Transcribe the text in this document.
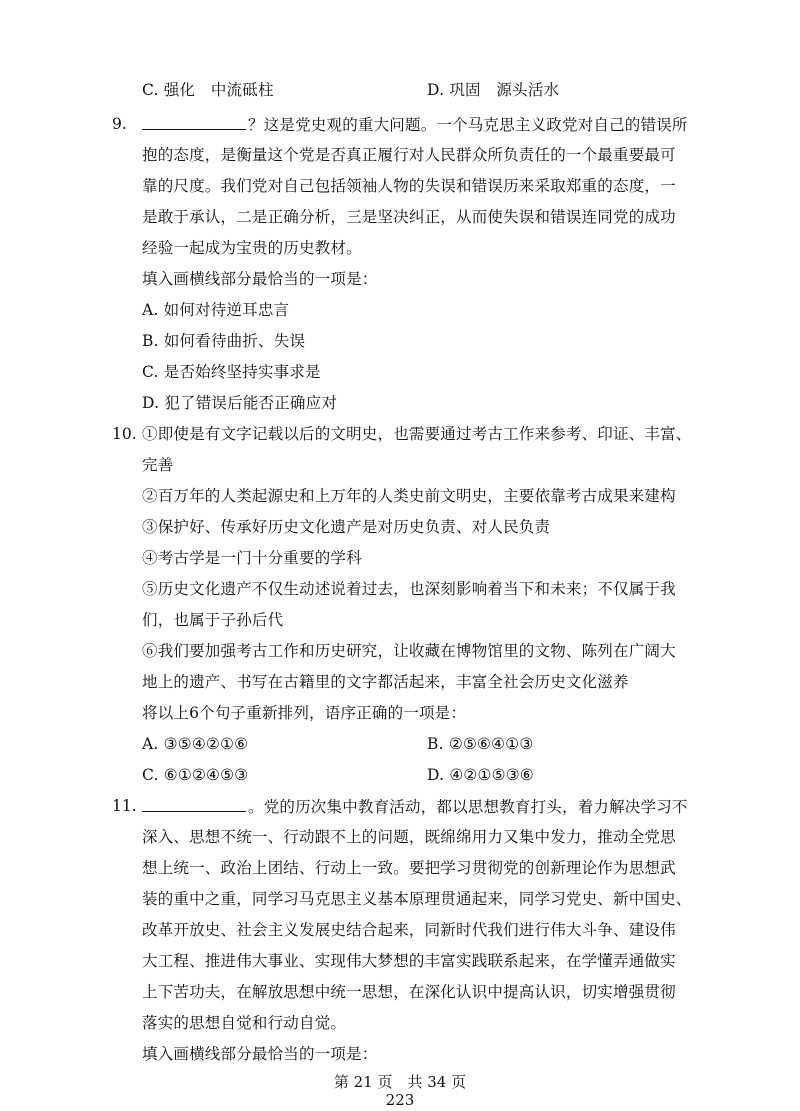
C. 强化　中流砥柱	D. 巩固　源头活水
9.	？这是党史观的重大问题。一个马克思主义政党对自己的错误所
抱的态度，是衡量这个党是否真正履行对人民群众所负责任的一个最重要最可
靠的尺度。我们党对自己包括领袖人物的失误和错误历来采取郑重的态度，一
是敢于承认，二是正确分析，三是坚决纠正，从而使失误和错误连同党的成功
经验一起成为宝贵的历史教材。
填入画横线部分最恰当的一项是：
A. 如何对待逆耳忠言
B. 如何看待曲折、失误
C. 是否始终坚持实事求是
D. 犯了错误后能否正确应对
10. ①即使是有文字记载以后的文明史，也需要通过考古工作来参考、印证、丰富、
完善
②百万年的人类起源史和上万年的人类史前文明史，主要依靠考古成果来建构
③保护好、传承好历史文化遗产是对历史负责、对人民负责
④考古学是一门十分重要的学科
⑤历史文化遗产不仅生动述说着过去，也深刻影响着当下和未来；不仅属于我
们，也属于子孙后代
⑥我们要加强考古工作和历史研究，让收藏在博物馆里的文物、陈列在广阔大
地上的遗产、书写在古籍里的文字都活起来，丰富全社会历史文化滋养
将以上6个句子重新排列，语序正确的一项是：
A. ③⑤④②①⑥	B. ②⑤⑥④①③
C. ⑥①②④⑤③	D. ④②①⑤③⑥
11.	。党的历次集中教育活动，都以思想教育打头，着力解决学习不
深入、思想不统一、行动跟不上的问题，既绵绵用力又集中发力，推动全党思
想上统一、政治上团结、行动上一致。要把学习贯彻党的创新理论作为思想武
装的重中之重，同学习马克思主义基本原理贯通起来，同学习党史、新中国史、
改革开放史、社会主义发展史结合起来，同新时代我们进行伟大斗争、建设伟
大工程、推进伟大事业、实现伟大梦想的丰富实践联系起来，在学懂弄通做实
上下苦功夫，在解放思想中统一思想，在深化认识中提高认识，切实增强贯彻
落实的思想自觉和行动自觉。
填入画横线部分最恰当的一项是：
第 21 页　共 34 页
223
